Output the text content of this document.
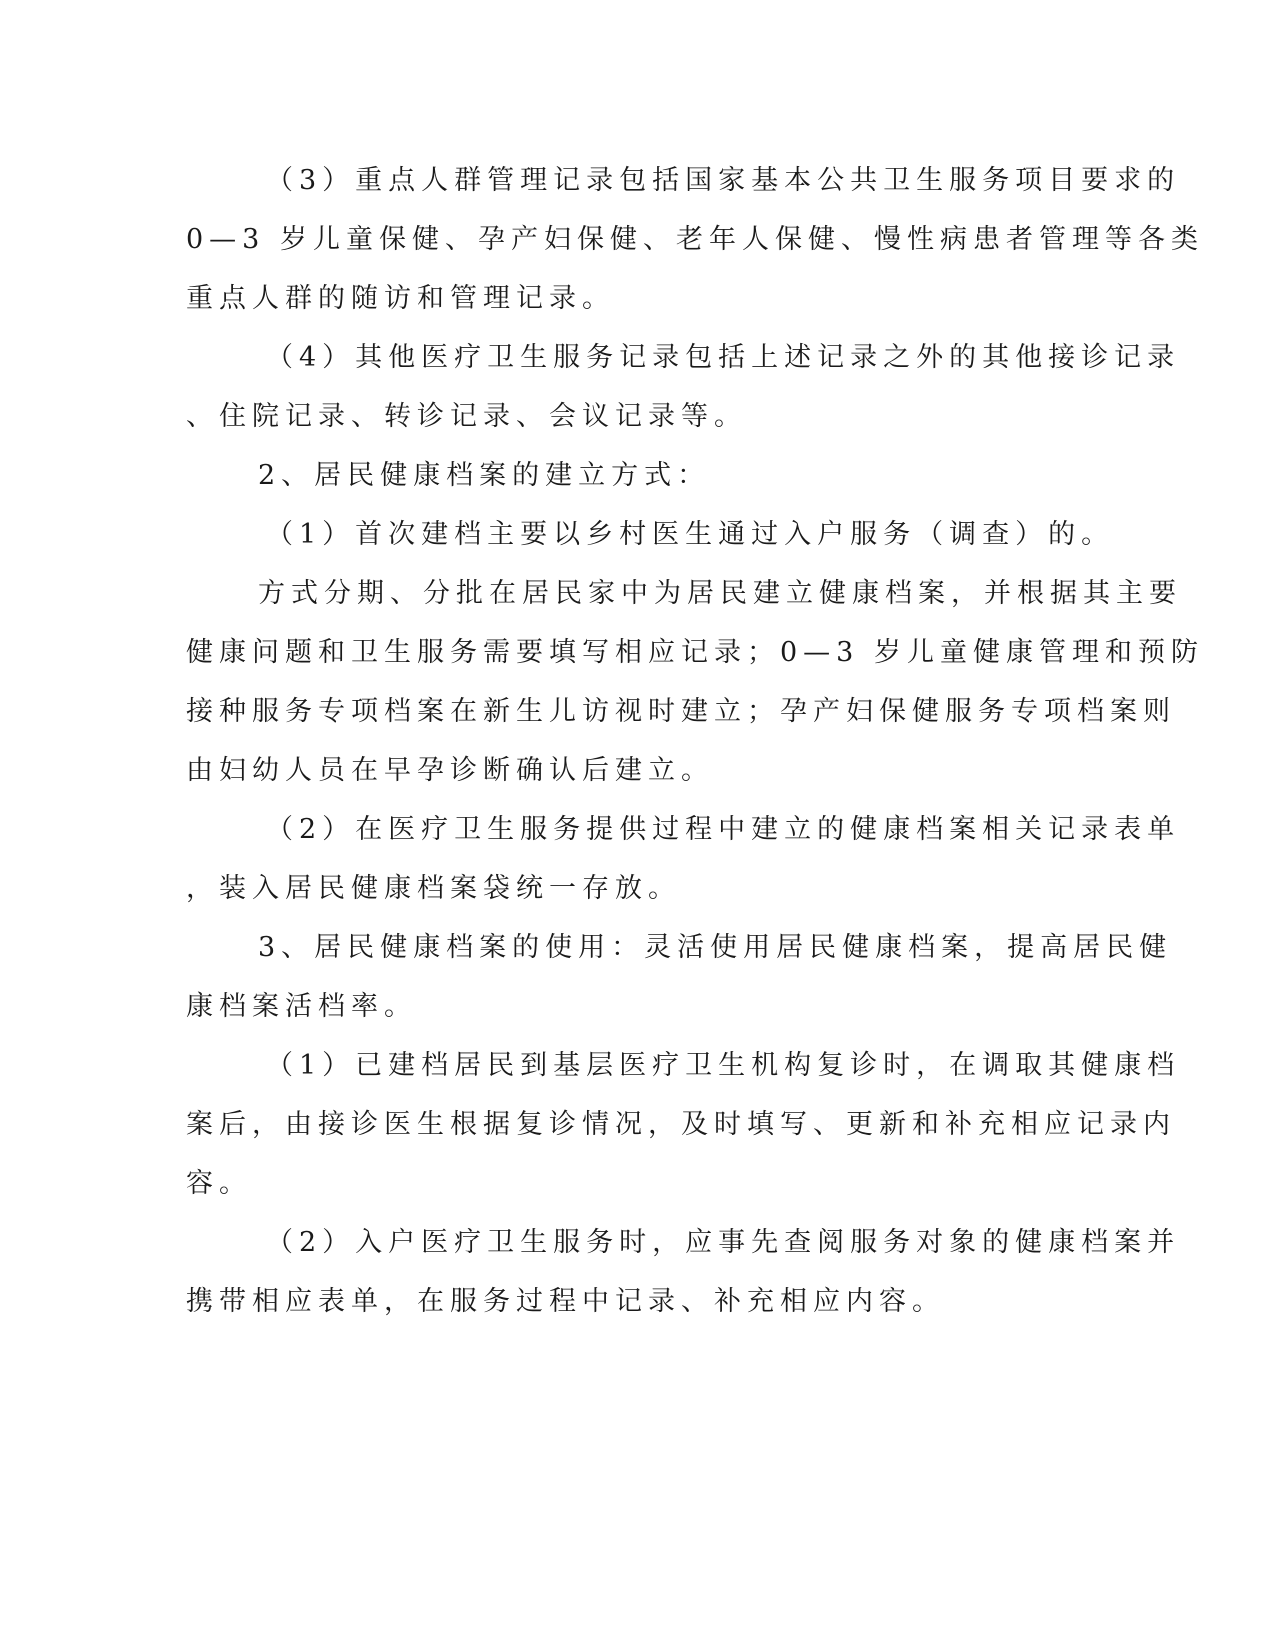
（3）重点人群管理记录包括国家基本公共卫生服务项目要求的
0—3 岁儿童保健、孕产妇保健、老年人保健、慢性病患者管理等各类
重点人群的随访和管理记录。
（4）其他医疗卫生服务记录包括上述记录之外的其他接诊记录
、住院记录、转诊记录、会议记录等。
2、居民健康档案的建立方式：
（1）首次建档主要以乡村医生通过入户服务（调查）的。
方式分期、分批在居民家中为居民建立健康档案，并根据其主要
健康问题和卫生服务需要填写相应记录；0—3 岁儿童健康管理和预防
接种服务专项档案在新生儿访视时建立；孕产妇保健服务专项档案则
由妇幼人员在早孕诊断确认后建立。
（2）在医疗卫生服务提供过程中建立的健康档案相关记录表单
，装入居民健康档案袋统一存放。
3、居民健康档案的使用：灵活使用居民健康档案，提高居民健
康档案活档率。
（1）已建档居民到基层医疗卫生机构复诊时，在调取其健康档
案后，由接诊医生根据复诊情况，及时填写、更新和补充相应记录内
容。
（2）入户医疗卫生服务时，应事先查阅服务对象的健康档案并
携带相应表单，在服务过程中记录、补充相应内容。
